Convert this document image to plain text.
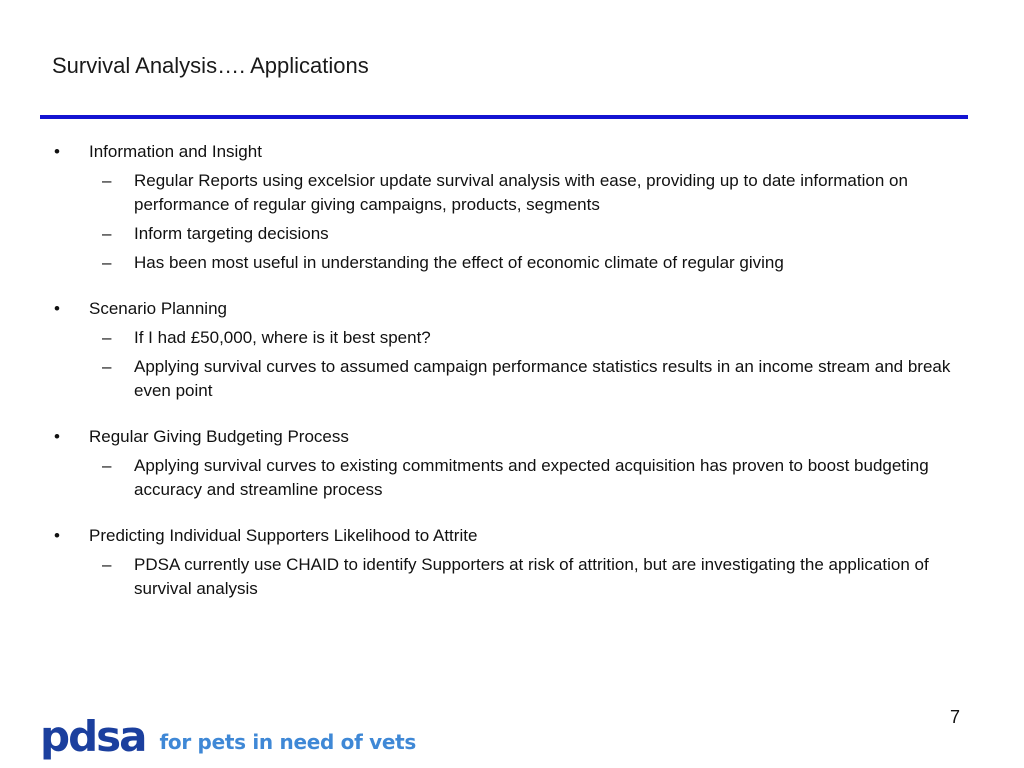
Survival Analysis…. Applications
• Information and Insight
– Regular Reports using excelsior update survival analysis with ease, providing up to date information on performance of regular giving campaigns, products, segments
– Inform targeting decisions
– Has been most useful in understanding the effect of economic climate of regular giving
• Scenario Planning
– If I had £50,000, where is it best spent?
– Applying survival curves to assumed campaign performance statistics results in an income stream and break even point
• Regular Giving Budgeting Process
– Applying survival curves to existing commitments and expected acquisition has proven to boost budgeting accuracy and streamline process
• Predicting Individual Supporters Likelihood to Attrite
– PDSA currently use CHAID to identify Supporters at risk of attrition, but are investigating the application of survival analysis
pdsa for pets in need of vets
7
